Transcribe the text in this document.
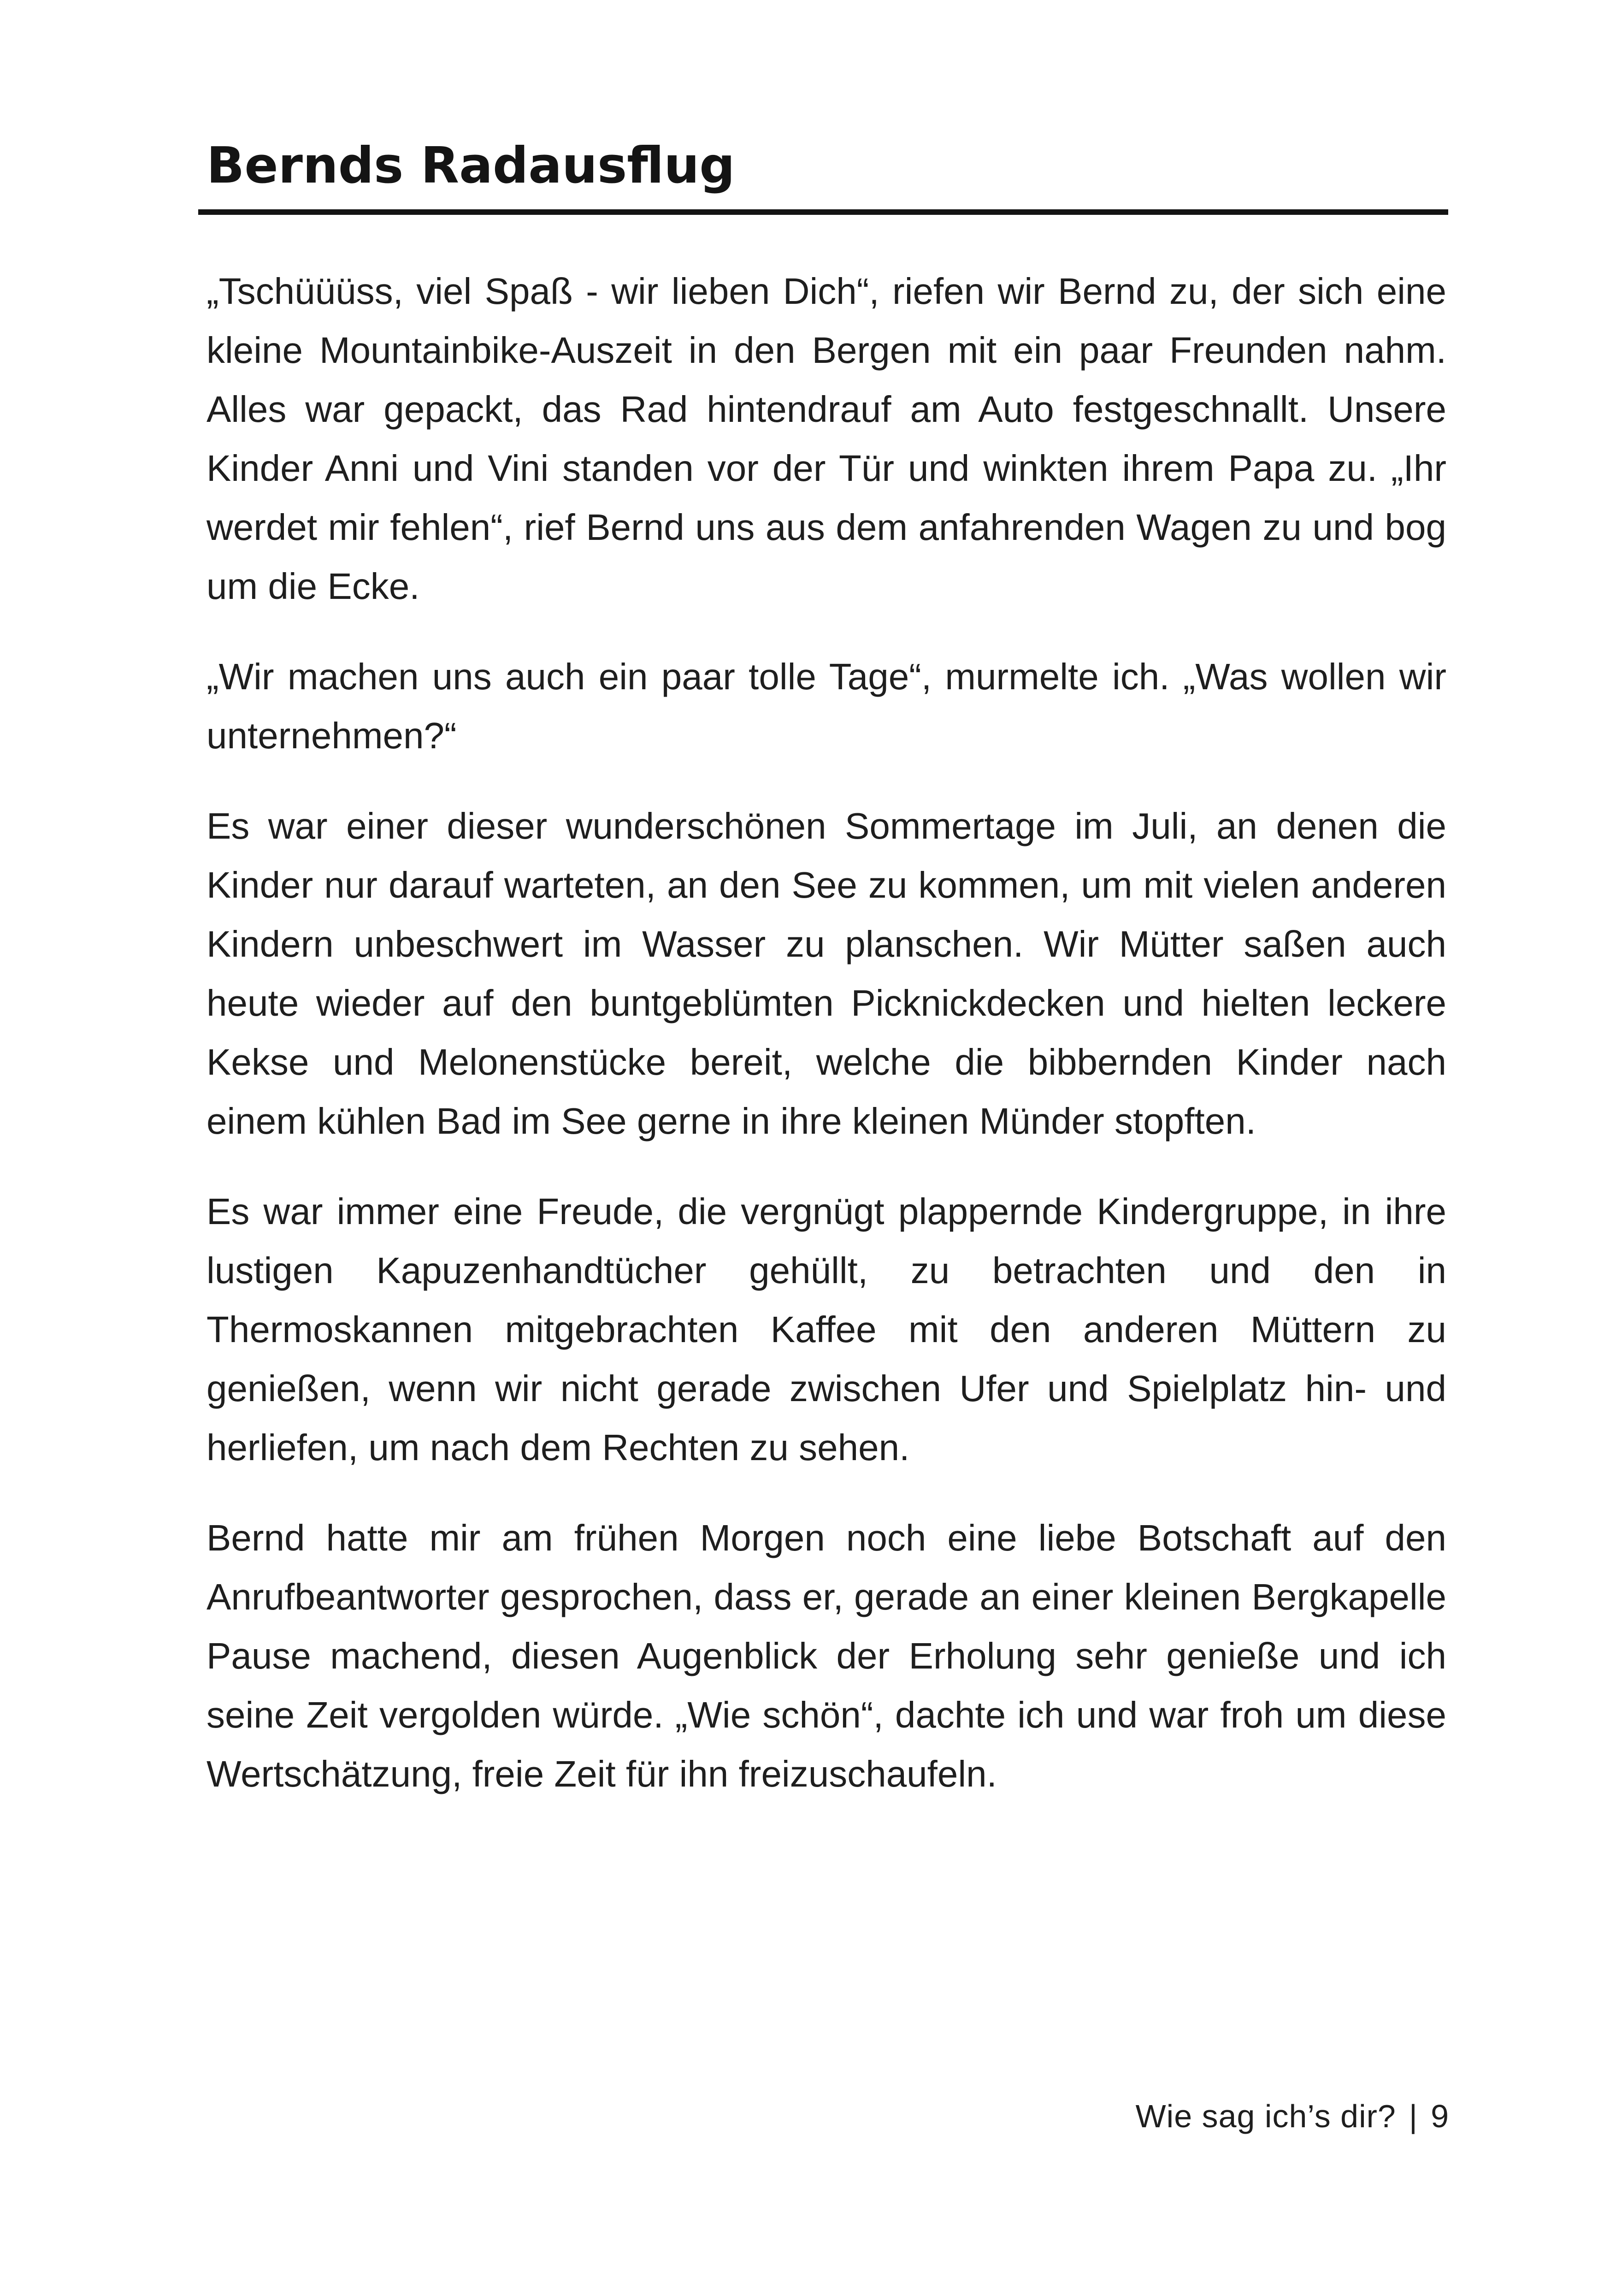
Bernds Radausflug

„Tschüüüss, viel Spaß - wir lieben Dich“, riefen wir Bernd zu, der sich eine kleine Mountainbike-Auszeit in den Bergen mit ein paar Freunden nahm. Alles war gepackt, das Rad hintendrauf am Auto festgeschnallt. Unsere Kinder Anni und Vini standen vor der Tür und winkten ihrem Papa zu. „Ihr werdet mir fehlen“, rief Bernd uns aus dem anfahrenden Wagen zu und bog um die Ecke.

„Wir machen uns auch ein paar tolle Tage“, murmelte ich. „Was wollen wir unternehmen?“

Es war einer dieser wunderschönen Sommertage im Juli, an denen die Kinder nur darauf warteten, an den See zu kommen, um mit vielen anderen Kindern unbeschwert im Wasser zu planschen. Wir Mütter saßen auch heute wieder auf den buntgeblümten Picknickdecken und hielten leckere Kekse und Melonenstücke bereit, welche die bibbernden Kinder nach einem kühlen Bad im See gerne in ihre kleinen Münder stopften.

Es war immer eine Freude, die vergnügt plappernde Kindergruppe, in ihre lustigen Kapuzenhandtücher gehüllt, zu betrachten und den in Thermoskannen mitgebrachten Kaffee mit den anderen Müttern zu genießen, wenn wir nicht gerade zwischen Ufer und Spielplatz hin- und herliefen, um nach dem Rechten zu sehen.

Bernd hatte mir am frühen Morgen noch eine liebe Botschaft auf den Anrufbeantworter gesprochen, dass er, gerade an einer kleinen Bergkapelle Pause machend, diesen Augenblick der Erholung sehr genieße und ich seine Zeit vergolden würde. „Wie schön“, dachte ich und war froh um diese Wertschätzung, freie Zeit für ihn freizuschaufeln.

Wie sag ich’s dir? | 9
